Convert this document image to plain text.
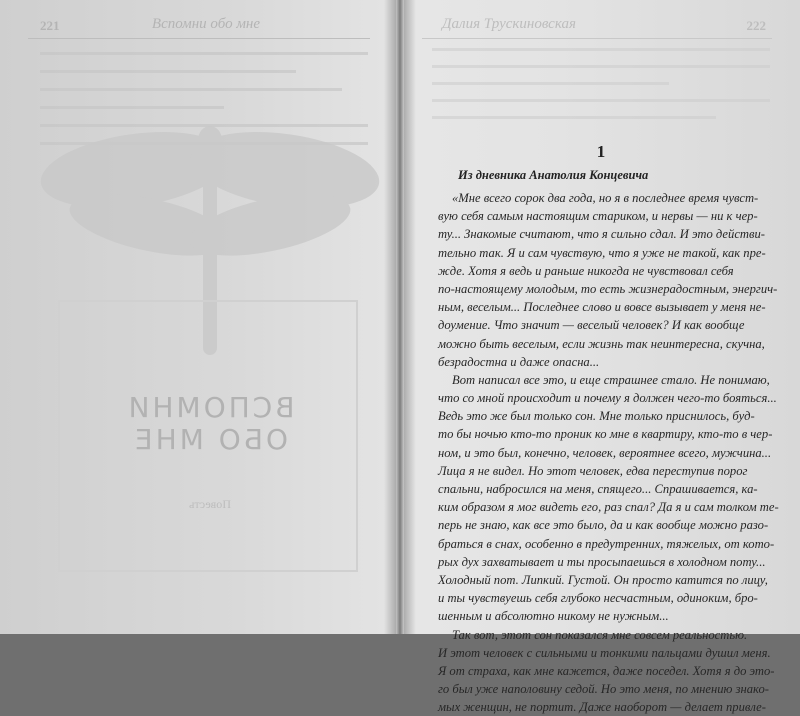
221	Вспомни обо мне
ВСПОМНИ
ОБО МНЕ
Повесть
Далия Трускиновская	222
1
Из дневника Анатолия Концевича
«Мне всего сорок два года, но я в последнее время чувст-
вую себя самым настоящим стариком, и нервы — ни к чер-
ту... Знакомые считают, что я сильно сдал. И это действи-
тельно так. Я и сам чувствую, что я уже не такой, как пре-
жде. Хотя я ведь и раньше никогда не чувствовал себя
по-настоящему молодым, то есть жизнерадостным, энергич-
ным, веселым... Последнее слово и вовсе вызывает у меня не-
доумение. Что значит — веселый человек? И как вообще
можно быть веселым, если жизнь так неинтересна, скучна,
безрадостна и даже опасна...
Вот написал все это, и еще страшнее стало. Не понимаю,
что со мной происходит и почему я должен чего-то бояться...
Ведь это же был только сон. Мне только приснилось, буд-
то бы ночью кто-то проник ко мне в квартиру, кто-то в чер-
ном, и это был, конечно, человек, вероятнее всего, мужчина...
Лица я не видел. Но этот человек, едва переступив порог
спальни, набросился на меня, спящего... Спрашивается, ка-
ким образом я мог видеть его, раз спал? Да я и сам толком те-
перь не знаю, как все это было, да и как вообще можно разо-
браться в снах, особенно в предутренних, тяжелых, от кото-
рых дух захватывает и ты просыпаешься в холодном поту...
Холодный пот. Липкий. Густой. Он просто катится по лицу,
и ты чувствуешь себя глубоко несчастным, одиноким, бро-
шенным и абсолютно никому не нужным...
Так вот, этот сон показался мне совсем реальностью.
И этот человек с сильными и тонкими пальцами душил меня.
Я от страха, как мне кажется, даже поседел. Хотя я до это-
го был уже наполовину седой. Но это меня, по мнению знако-
мых женщин, не портит. Даже наоборот — делает привле-
